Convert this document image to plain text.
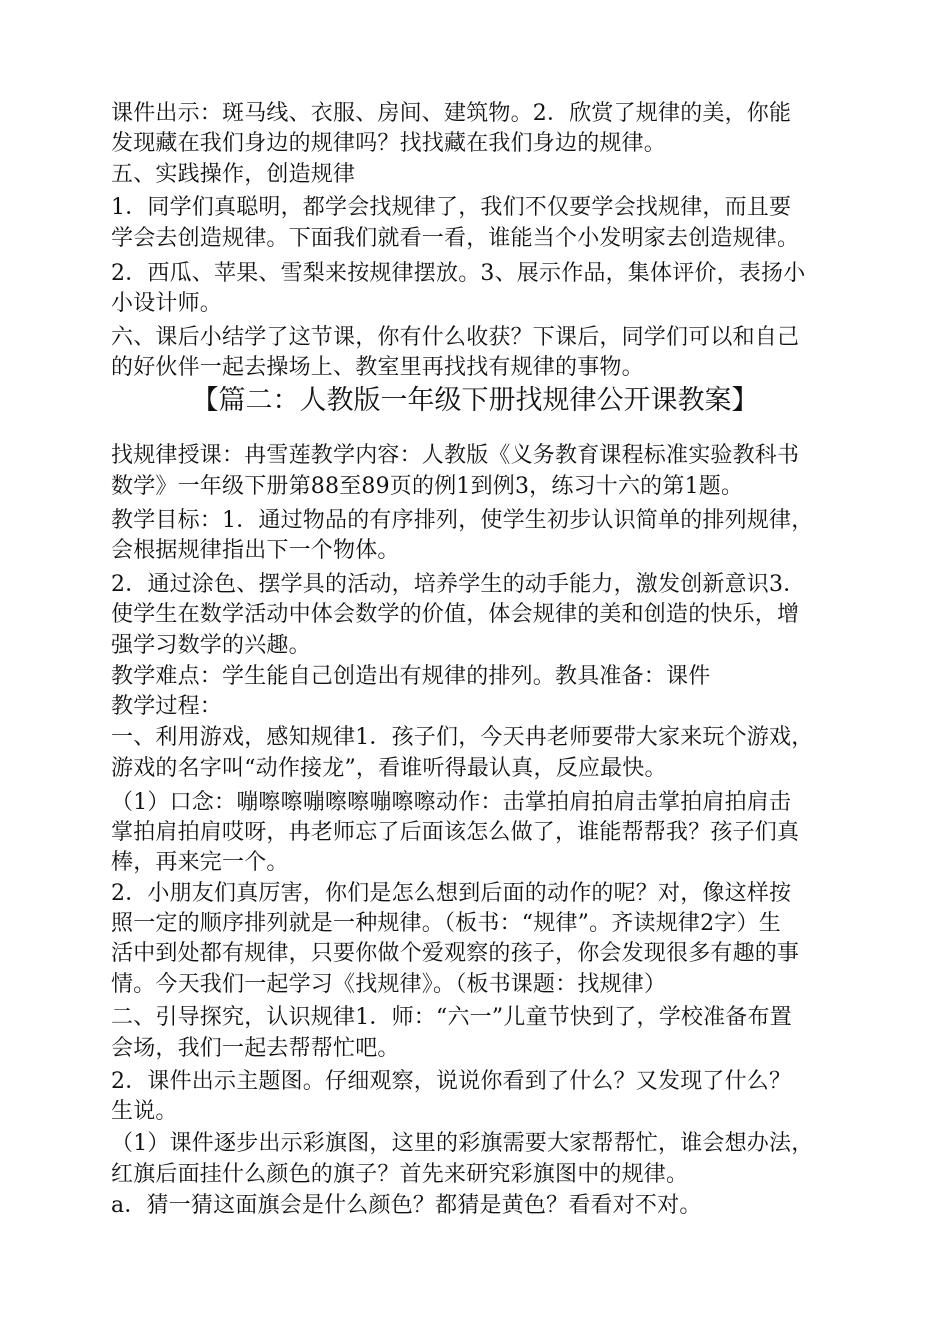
课件出示：斑马线、衣服、房间、建筑物。2．欣赏了规律的美，你能
发现藏在我们身边的规律吗？找找藏在我们身边的规律。
五、实践操作，创造规律
1．同学们真聪明，都学会找规律了，我们不仅要学会找规律，而且要
学会去创造规律。下面我们就看一看，谁能当个小发明家去创造规律。
2．西瓜、苹果、雪梨来按规律摆放。3、展示作品，集体评价，表扬小
小设计师。
六、课后小结学了这节课，你有什么收获？下课后，同学们可以和自己
的好伙伴一起去操场上、教室里再找找有规律的事物。
【篇二：人教版一年级下册找规律公开课教案】
找规律授课：冉雪莲教学内容：人教版《义务教育课程标准实验教科书
数学》一年级下册第88至89页的例1到例3，练习十六的第1题。
教学目标：1．通过物品的有序排列，使学生初步认识简单的排列规律，
会根据规律指出下一个物体。
2．通过涂色、摆学具的活动，培养学生的动手能力，激发创新意识3．
使学生在数学活动中体会数学的价值，体会规律的美和创造的快乐，增
强学习数学的兴趣。
教学难点：学生能自己创造出有规律的排列。教具准备：课件
教学过程：
一、利用游戏，感知规律1．孩子们，今天冉老师要带大家来玩个游戏，
游戏的名字叫“动作接龙”，看谁听得最认真，反应最快。
（1）口念：嘣嚓嚓嘣嚓嚓嘣嚓嚓动作：击掌拍肩拍肩击掌拍肩拍肩击
掌拍肩拍肩哎呀，冉老师忘了后面该怎么做了，谁能帮帮我？孩子们真
棒，再来完一个。
2．小朋友们真厉害，你们是怎么想到后面的动作的呢？对，像这样按
照一定的顺序排列就是一种规律。（板书：“规律”。齐读规律2字）生
活中到处都有规律，只要你做个爱观察的孩子，你会发现很多有趣的事
情。今天我们一起学习《找规律》。（板书课题：找规律）
二、引导探究，认识规律1．师：“六一”儿童节快到了，学校准备布置
会场，我们一起去帮帮忙吧。
2．课件出示主题图。仔细观察，说说你看到了什么？又发现了什么？
生说。
（1）课件逐步出示彩旗图，这里的彩旗需要大家帮帮忙，谁会想办法，
红旗后面挂什么颜色的旗子？首先来研究彩旗图中的规律。
a．猜一猜这面旗会是什么颜色？都猜是黄色？看看对不对。
